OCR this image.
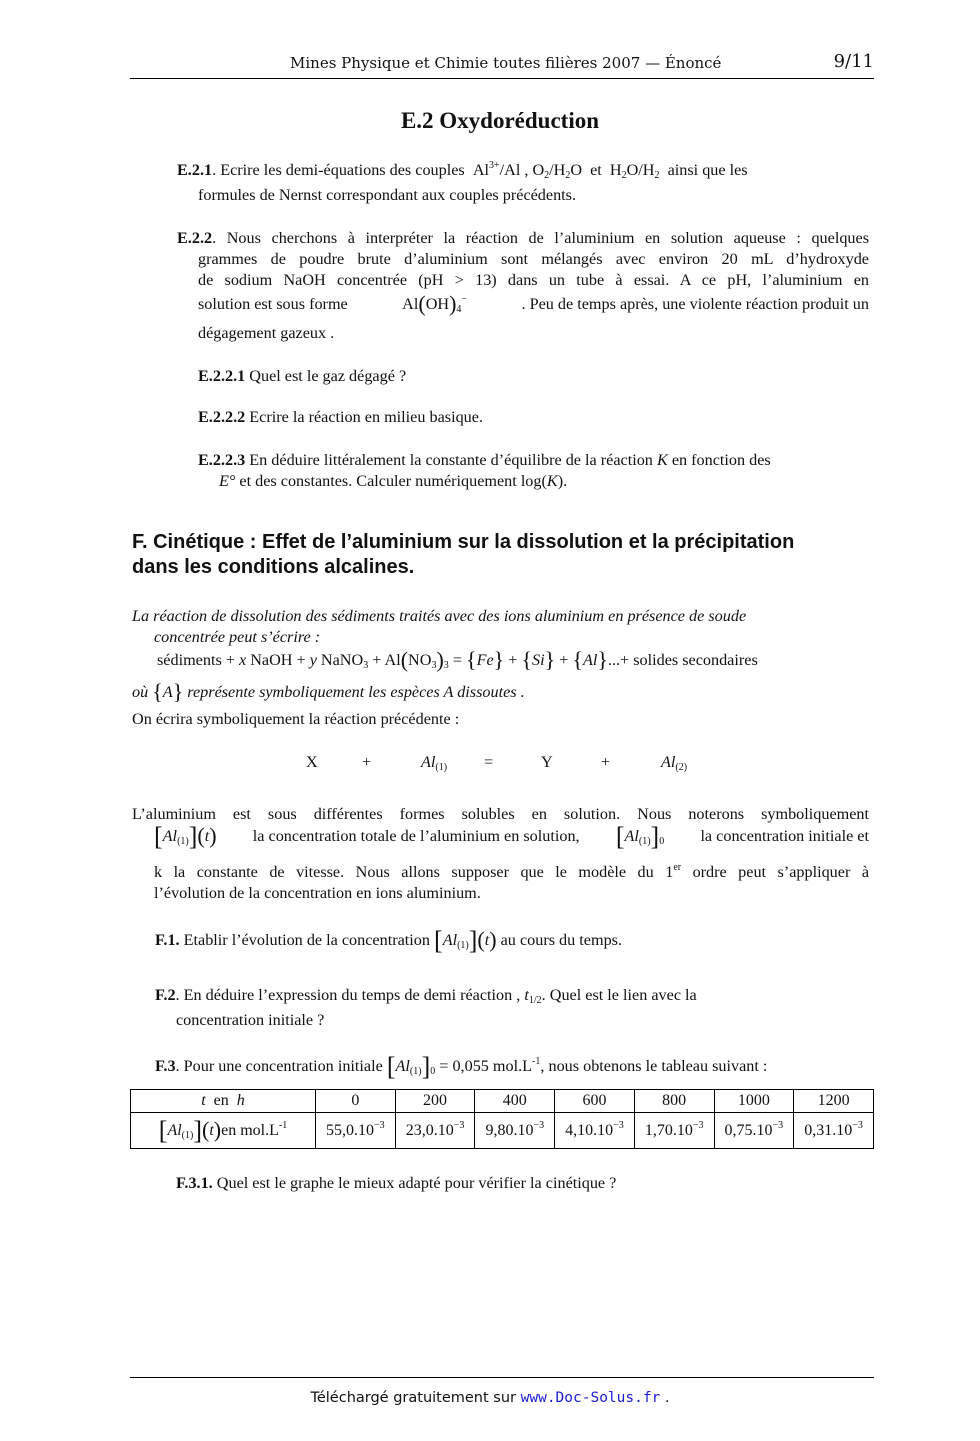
Mines Physique et Chimie toutes filières 2007 — Énoncé	9/11
E.2 Oxydoréduction
E.2.1. Ecrire les demi-équations des couples  $Al^{3+}/Al$ , $O_2/H_2O$  et  $H_2O/H_2$ ainsi que les
formules de Nernst correspondant aux couples précédents.
E.2.2. Nous cherchons à interpréter la réaction de l’aluminium en solution aqueuse : quelques
grammes de poudre brute d’aluminium sont mélangés avec environ 20 mL d’hydroxyde
de sodium NaOH concentrée (pH > 13) dans un tube à essai. A ce pH, l’aluminium en
solution est sous forme	$Al(OH)_4^-$	. Peu de temps après, une violente réaction produit un
dégagement gazeux .
E.2.2.1 Quel est le gaz dégagé ?
E.2.2.2 Ecrire la réaction en milieu basique.
E.2.2.3 En déduire littéralement la constante d’équilibre de la réaction K en fonction des
E° et des constantes. Calculer numériquement log(K).
F. Cinétique : Effet de l’aluminium sur la dissolution et la précipitation
dans les conditions alcalines.
La réaction de dissolution des sédiments traités avec des ions aluminium en présence de soude
concentrée peut s’écrire :
sédiments + x NaOH + y NaNO$_3$ + $Al(NO_3)_3 = \{Fe\} + \{Si\} + \{Al\}...+$ solides secondaires
où {A} représente symboliquement les espèces A dissoutes .
On écrira symboliquement la réaction précédente :
X	+	$Al_{(1)}$ =	Y	+	$Al_{(2)}$
L’aluminium est sous différentes formes solubles en solution. Nous noterons symboliquement
$[Al_{(1)}](t)$ la concentration totale de l’aluminium en solution, $[Al_{(1)}]_0$ la concentration initiale et
k la constante de vitesse. Nous allons supposer que le modèle du 1er ordre peut s’appliquer à
l’évolution de la concentration en ions aluminium.
F.1. Etablir l’évolution de la concentration $[Al_{(1)}](t)$ au cours du temps.
F.2. En déduire l’expression du temps de demi réaction , $t_{1/2}$. Quel est le lien avec la
concentration initiale ?
F.3. Pour une concentration initiale $[Al_{(1)}]_0 = 0,055$ $mol.L^{-1}$, nous obtenons le tableau suivant :
t  en  h	0	200	400	600	800	1000	1200
$[Al_{(1)}](t)en$ $mol.L^{-1}$	$55,0.10^{-3}$	$23,0.10^{-3}$	$9,80.10^{-3}$	$4,10.10^{-3}$	$1,70.10^{-3}$	$0,75.10^{-3}$	$0,31.10^{-3}$
F.3.1. Quel est le graphe le mieux adapté pour vérifier la cinétique ?
Téléchargé gratuitement sur www.Doc-Solus.fr .
